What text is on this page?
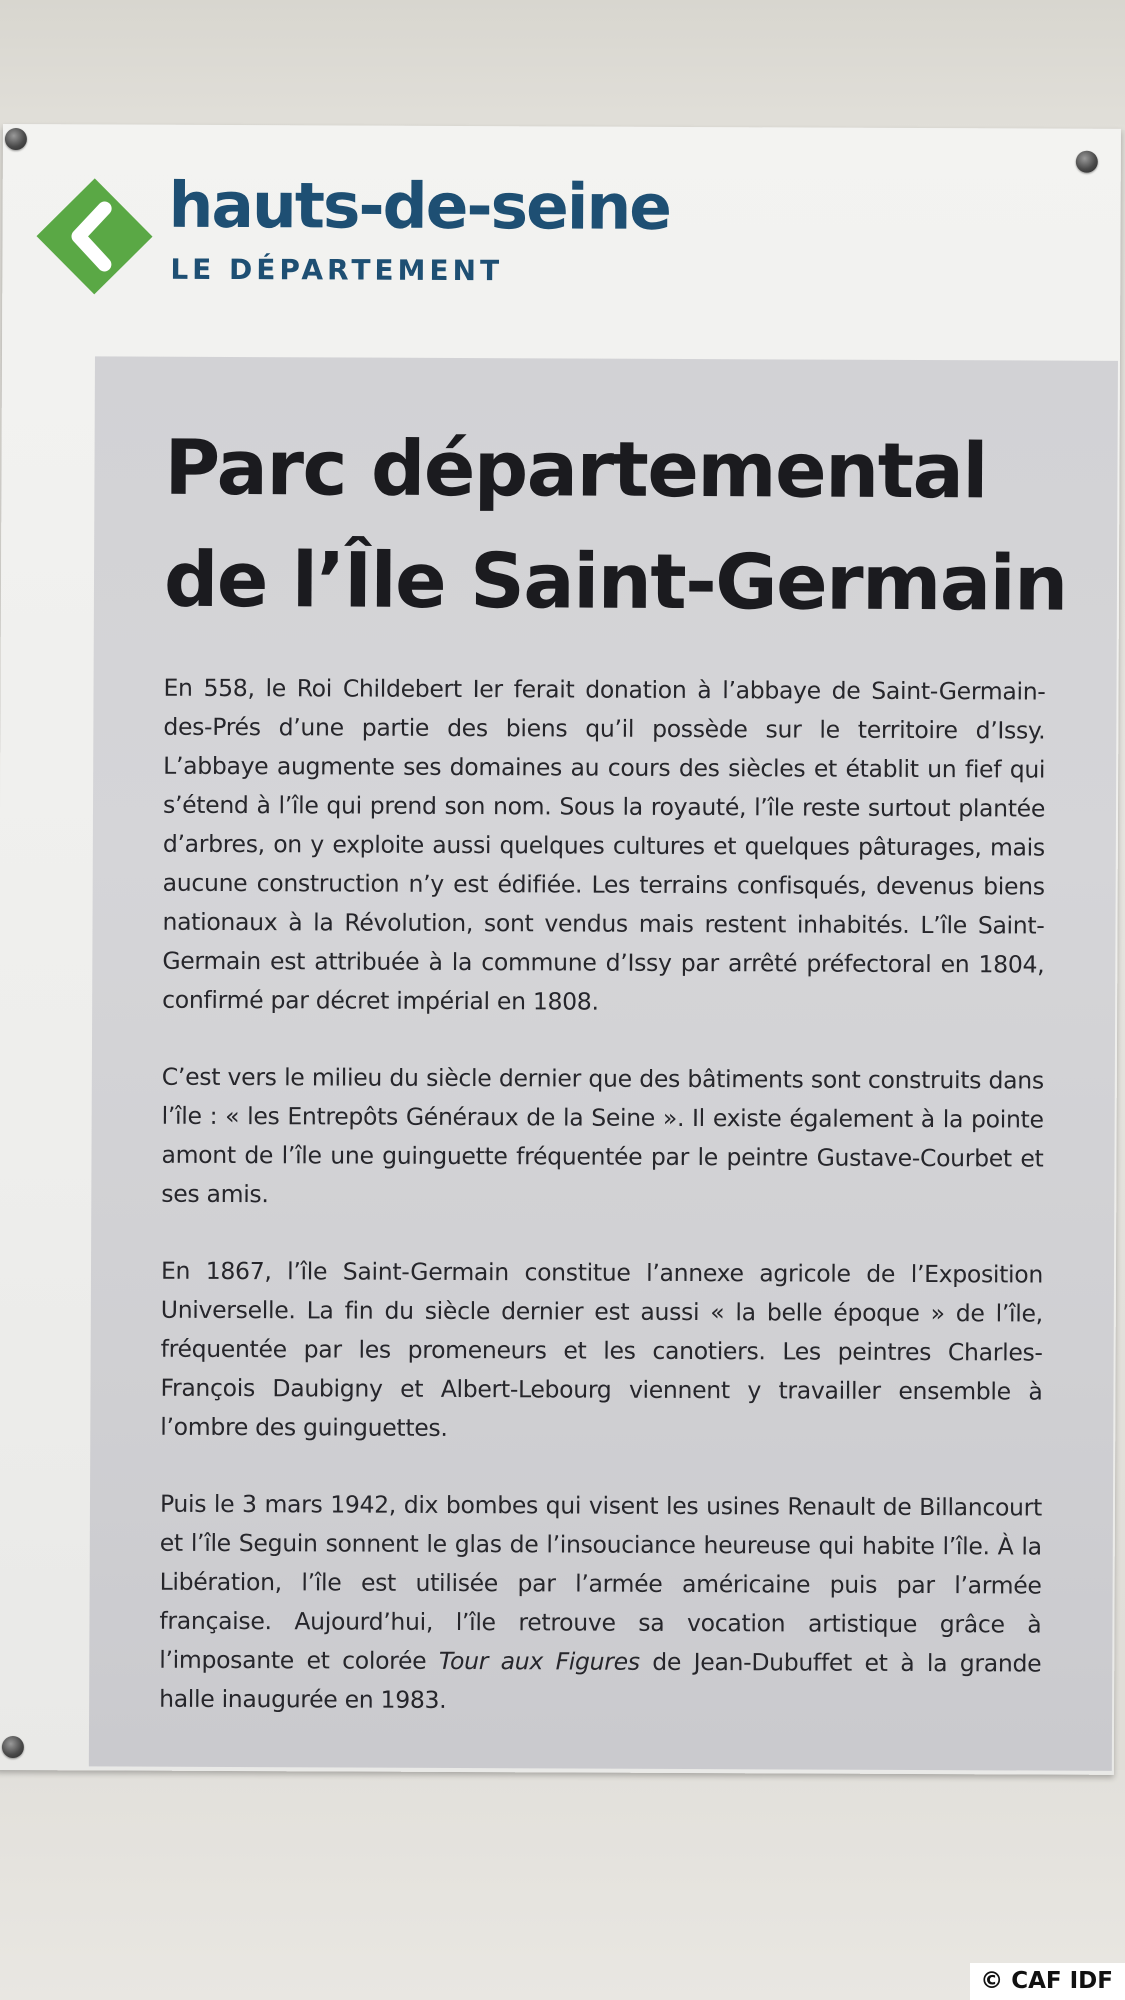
hauts-de-seine
LE DÉPARTEMENT
Parc départemental
de l’Île Saint-Germain

En 558, le Roi Childebert Ier ferait donation à l’abbaye de Saint-Germain-des-Prés d’une partie des biens qu’il possède sur le territoire d’Issy. L’abbaye augmente ses domaines au cours des siècles et établit un fief qui s’étend à l’île qui prend son nom. Sous la royauté, l’île reste surtout plantée d’arbres, on y exploite aussi quelques cultures et quelques pâturages, mais aucune construction n’y est édifiée. Les terrains confisqués, devenus biens nationaux à la Révolution, sont vendus mais restent inhabités. L’île Saint-Germain est attribuée à la commune d’Issy par arrêté préfectoral en 1804, confirmé par décret impérial en 1808.

C’est vers le milieu du siècle dernier que des bâtiments sont construits dans l’île : « les Entrepôts Généraux de la Seine ». Il existe également à la pointe amont de l’île une guinguette fréquentée par le peintre Gustave-Courbet et ses amis.

En 1867, l’île Saint-Germain constitue l’annexe agricole de l’Exposition Universelle. La fin du siècle dernier est aussi « la belle époque » de l’île, fréquentée par les promeneurs et les canotiers. Les peintres Charles-François Daubigny et Albert-Lebourg viennent y travailler ensemble à l’ombre des guinguettes.

Puis le 3 mars 1942, dix bombes qui visent les usines Renault de Billancourt et l’île Seguin sonnent le glas de l’insouciance heureuse qui habite l’île. À la Libération, l’île est utilisée par l’armée américaine puis par l’armée française. Aujourd’hui, l’île retrouve sa vocation artistique grâce à l’imposante et colorée Tour aux Figures de Jean-Dubuffet et à la grande halle inaugurée en 1983.

© CAF IDF
